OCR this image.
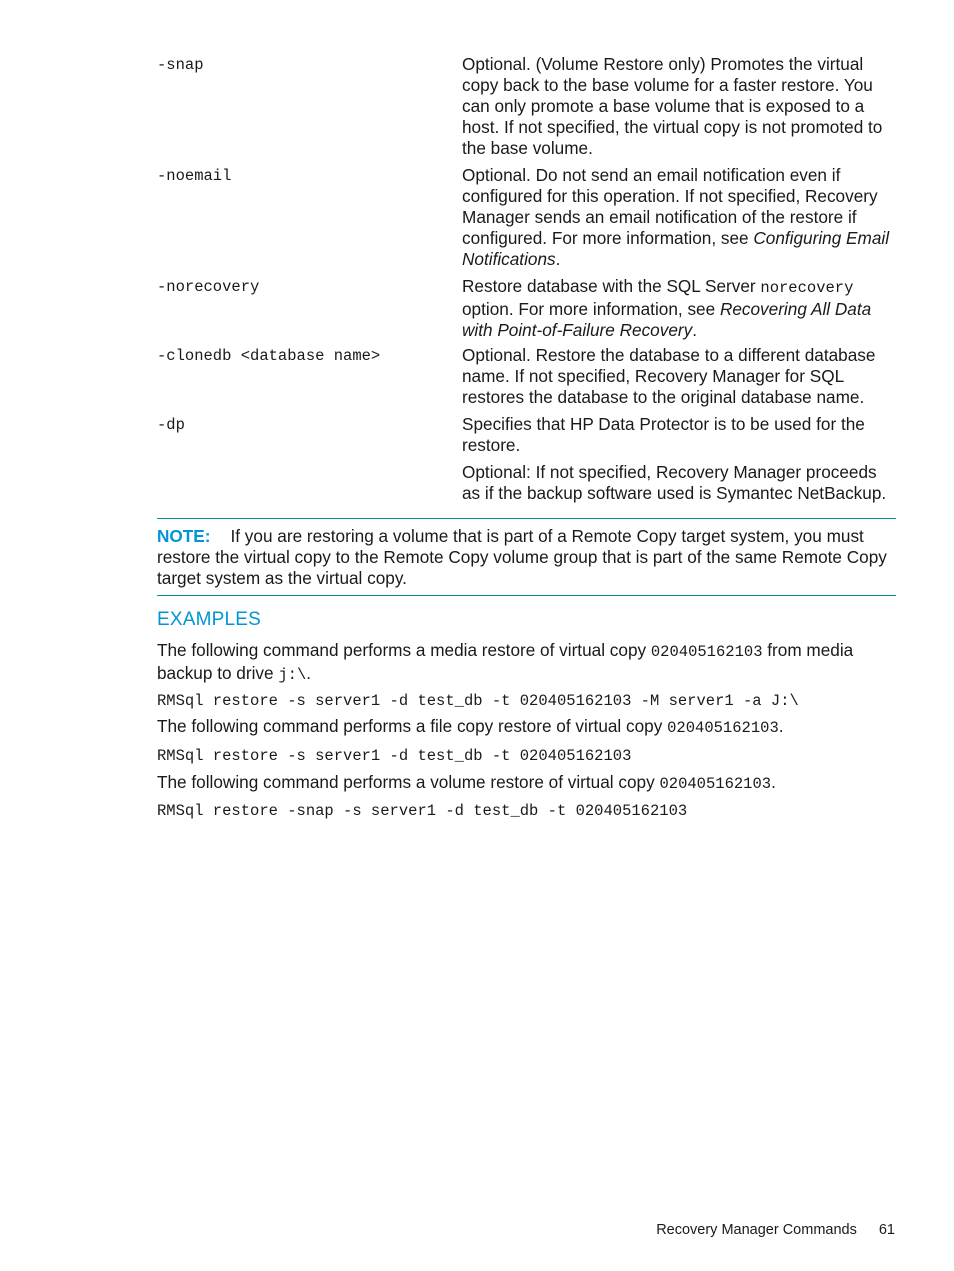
-snap	Optional. (Volume Restore only) Promotes the virtual copy back to the base volume for a faster restore. You can only promote a base volume that is exposed to a host. If not specified, the virtual copy is not promoted to the base volume.

-noemail	Optional. Do not send an email notification even if configured for this operation. If not specified, Recovery Manager sends an email notification of the restore if configured. For more information, see Configuring Email Notifications.

-norecovery	Restore database with the SQL Server norecovery option. For more information, see Recovering All Data with Point-of-Failure Recovery.

-clonedb <database name>	Optional. Restore the database to a different database name. If not specified, Recovery Manager for SQL restores the database to the original database name.

-dp	Specifies that HP Data Protector is to be used for the restore.

Optional: If not specified, Recovery Manager proceeds as if the backup software used is Symantec NetBackup.

NOTE: If you are restoring a volume that is part of a Remote Copy target system, you must restore the virtual copy to the Remote Copy volume group that is part of the same Remote Copy target system as the virtual copy.

EXAMPLES

The following command performs a media restore of virtual copy 020405162103 from media backup to drive j:\.

RMSql restore -s server1 -d test_db -t 020405162103 -M server1 -a J:\

The following command performs a file copy restore of virtual copy 020405162103.

RMSql restore -s server1 -d test_db -t 020405162103

The following command performs a volume restore of virtual copy 020405162103.

RMSql restore -snap -s server1 -d test_db -t 020405162103

Recovery Manager Commands 61
